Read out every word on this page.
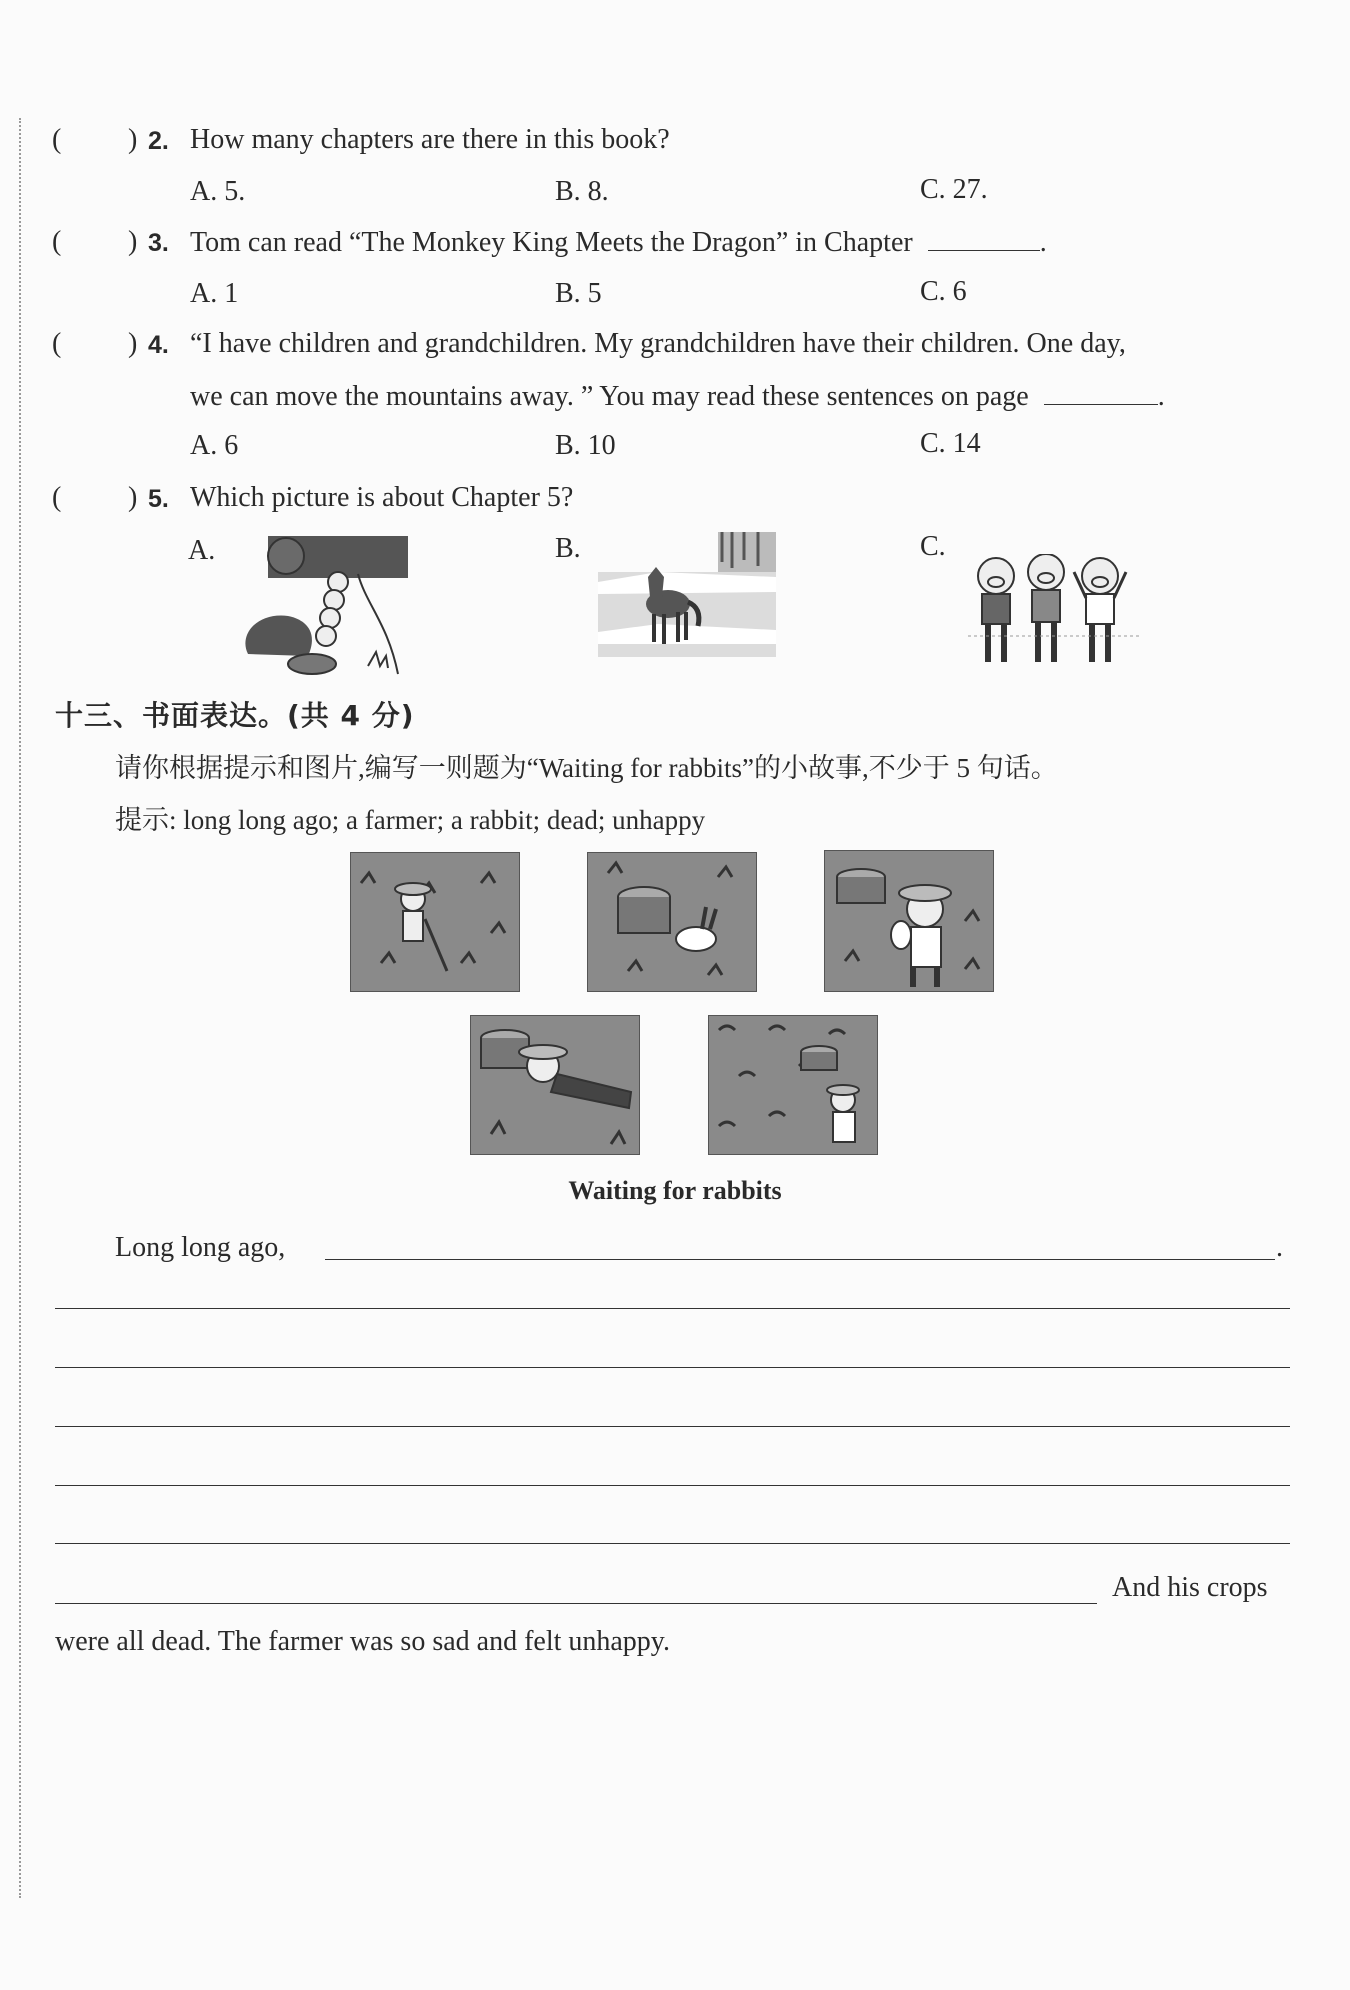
( ) 2. How many chapters are there in this book?
A. 5.	B. 8.	C. 27.
( ) 3. Tom can read “The Monkey King Meets the Dragon” in Chapter	.
A. 1	B. 5	C. 6
( ) 4. “I have children and grandchildren. My grandchildren have their children. One day,
we can move the mountains away. ” You may read these sentences on page	.
A. 6	B. 10	C. 14
( ) 5. Which picture is about Chapter 5?
A.	B.	C.
十三、书面表达。(共 4 分)
请你根据提示和图片,编写一则题为“Waiting for rabbits”的小故事,不少于 5 句话。
提示: long long ago; a farmer; a rabbit; dead; unhappy
Waiting for rabbits
Long long ago,	.
And his crops
were all dead. The farmer was so sad and felt unhappy.
